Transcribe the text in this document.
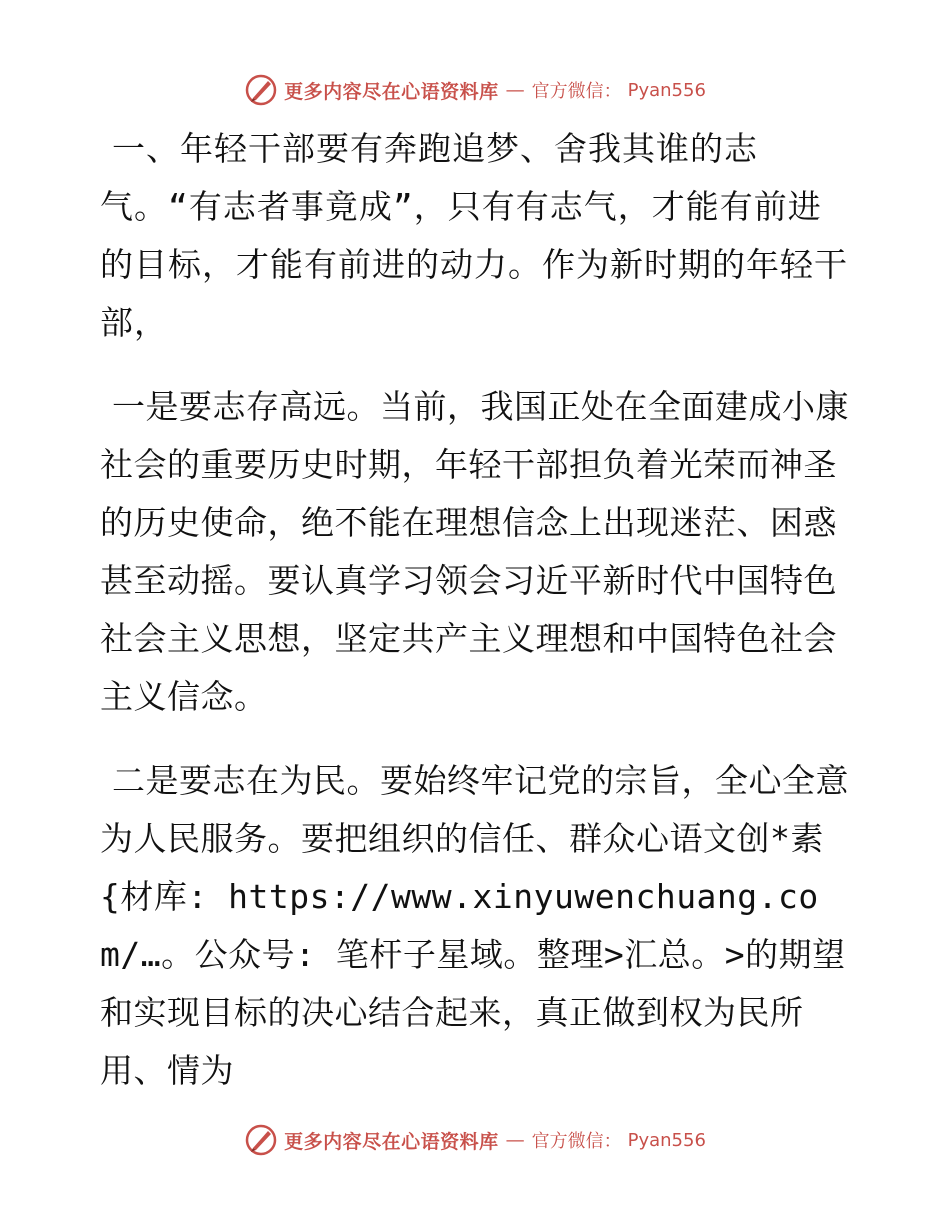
更多内容尽在心语资料库 — 官方微信： Pyan556

一、年轻干部要有奔跑追梦、舍我其谁的志气。“有志者事竟成”，只有有志气，才能有前进的目标，才能有前进的动力。作为新时期的年轻干部，

一是要志存高远。当前，我国正处在全面建成小康社会的重要历史时期，年轻干部担负着光荣而神圣的历史使命，绝不能在理想信念上出现迷茫、困惑甚至动摇。要认真学习领会习近平新时代中国特色社会主义思想，坚定共产主义理想和中国特色社会主义信念。

二是要志在为民。要始终牢记党的宗旨，全心全意为人民服务。要把组织的信任、群众心语文创*素{材库: https://www.xinyuwenchuang.com/…。公众号: 笔杆子星域。整理>汇总。>的期望和实现目标的决心结合起来，真正做到权为民所用、情为

更多内容尽在心语资料库 — 官方微信： Pyan556
